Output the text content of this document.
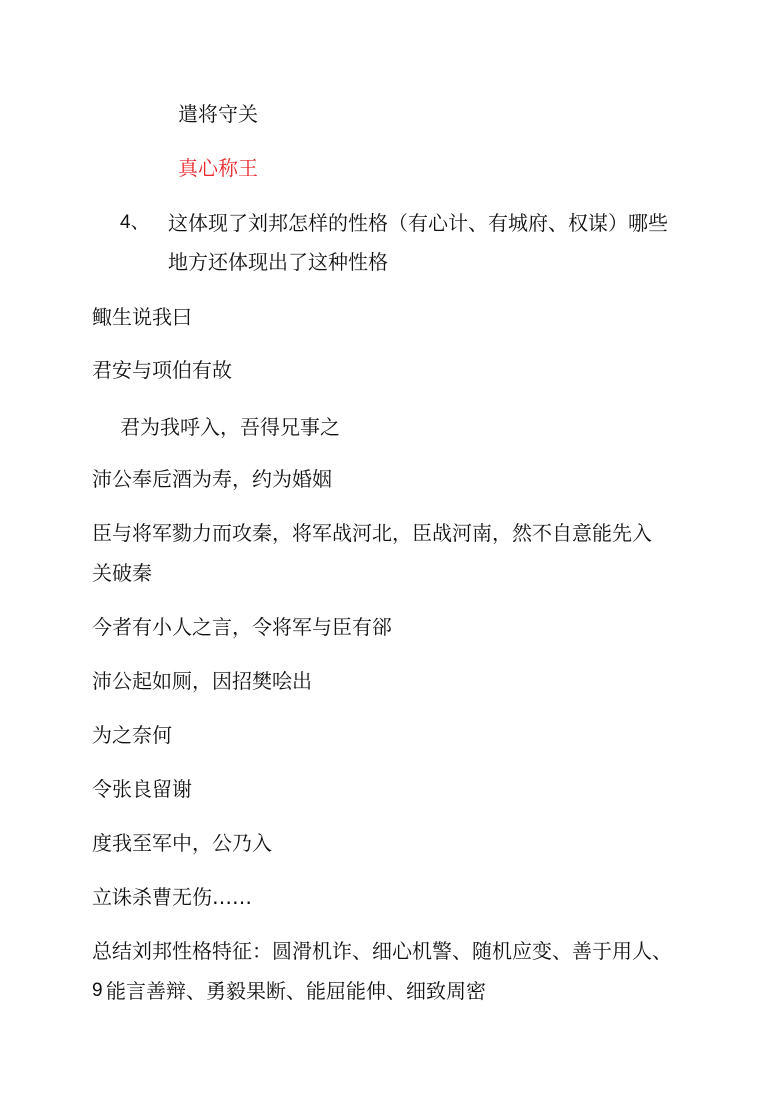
遣将守关
真心称王
4、 这体现了刘邦怎样的性格（有心计、有城府、权谋）哪些
地方还体现出了这种性格
鲰生说我曰
君安与项伯有故
君为我呼入，吾得兄事之
沛公奉卮酒为寿，约为婚姻
臣与将军勠力而攻秦，将军战河北，臣战河南，然不自意能先入
关破秦
今者有小人之言，令将军与臣有郤
沛公起如厕，因招樊哙出
为之奈何
令张良留谢
度我至军中，公乃入
立诛杀曹无伤……
总结刘邦性格特征：圆滑机诈、细心机警、随机应变、善于用人、
9 能言善辩、勇毅果断、能屈能伸、细致周密
